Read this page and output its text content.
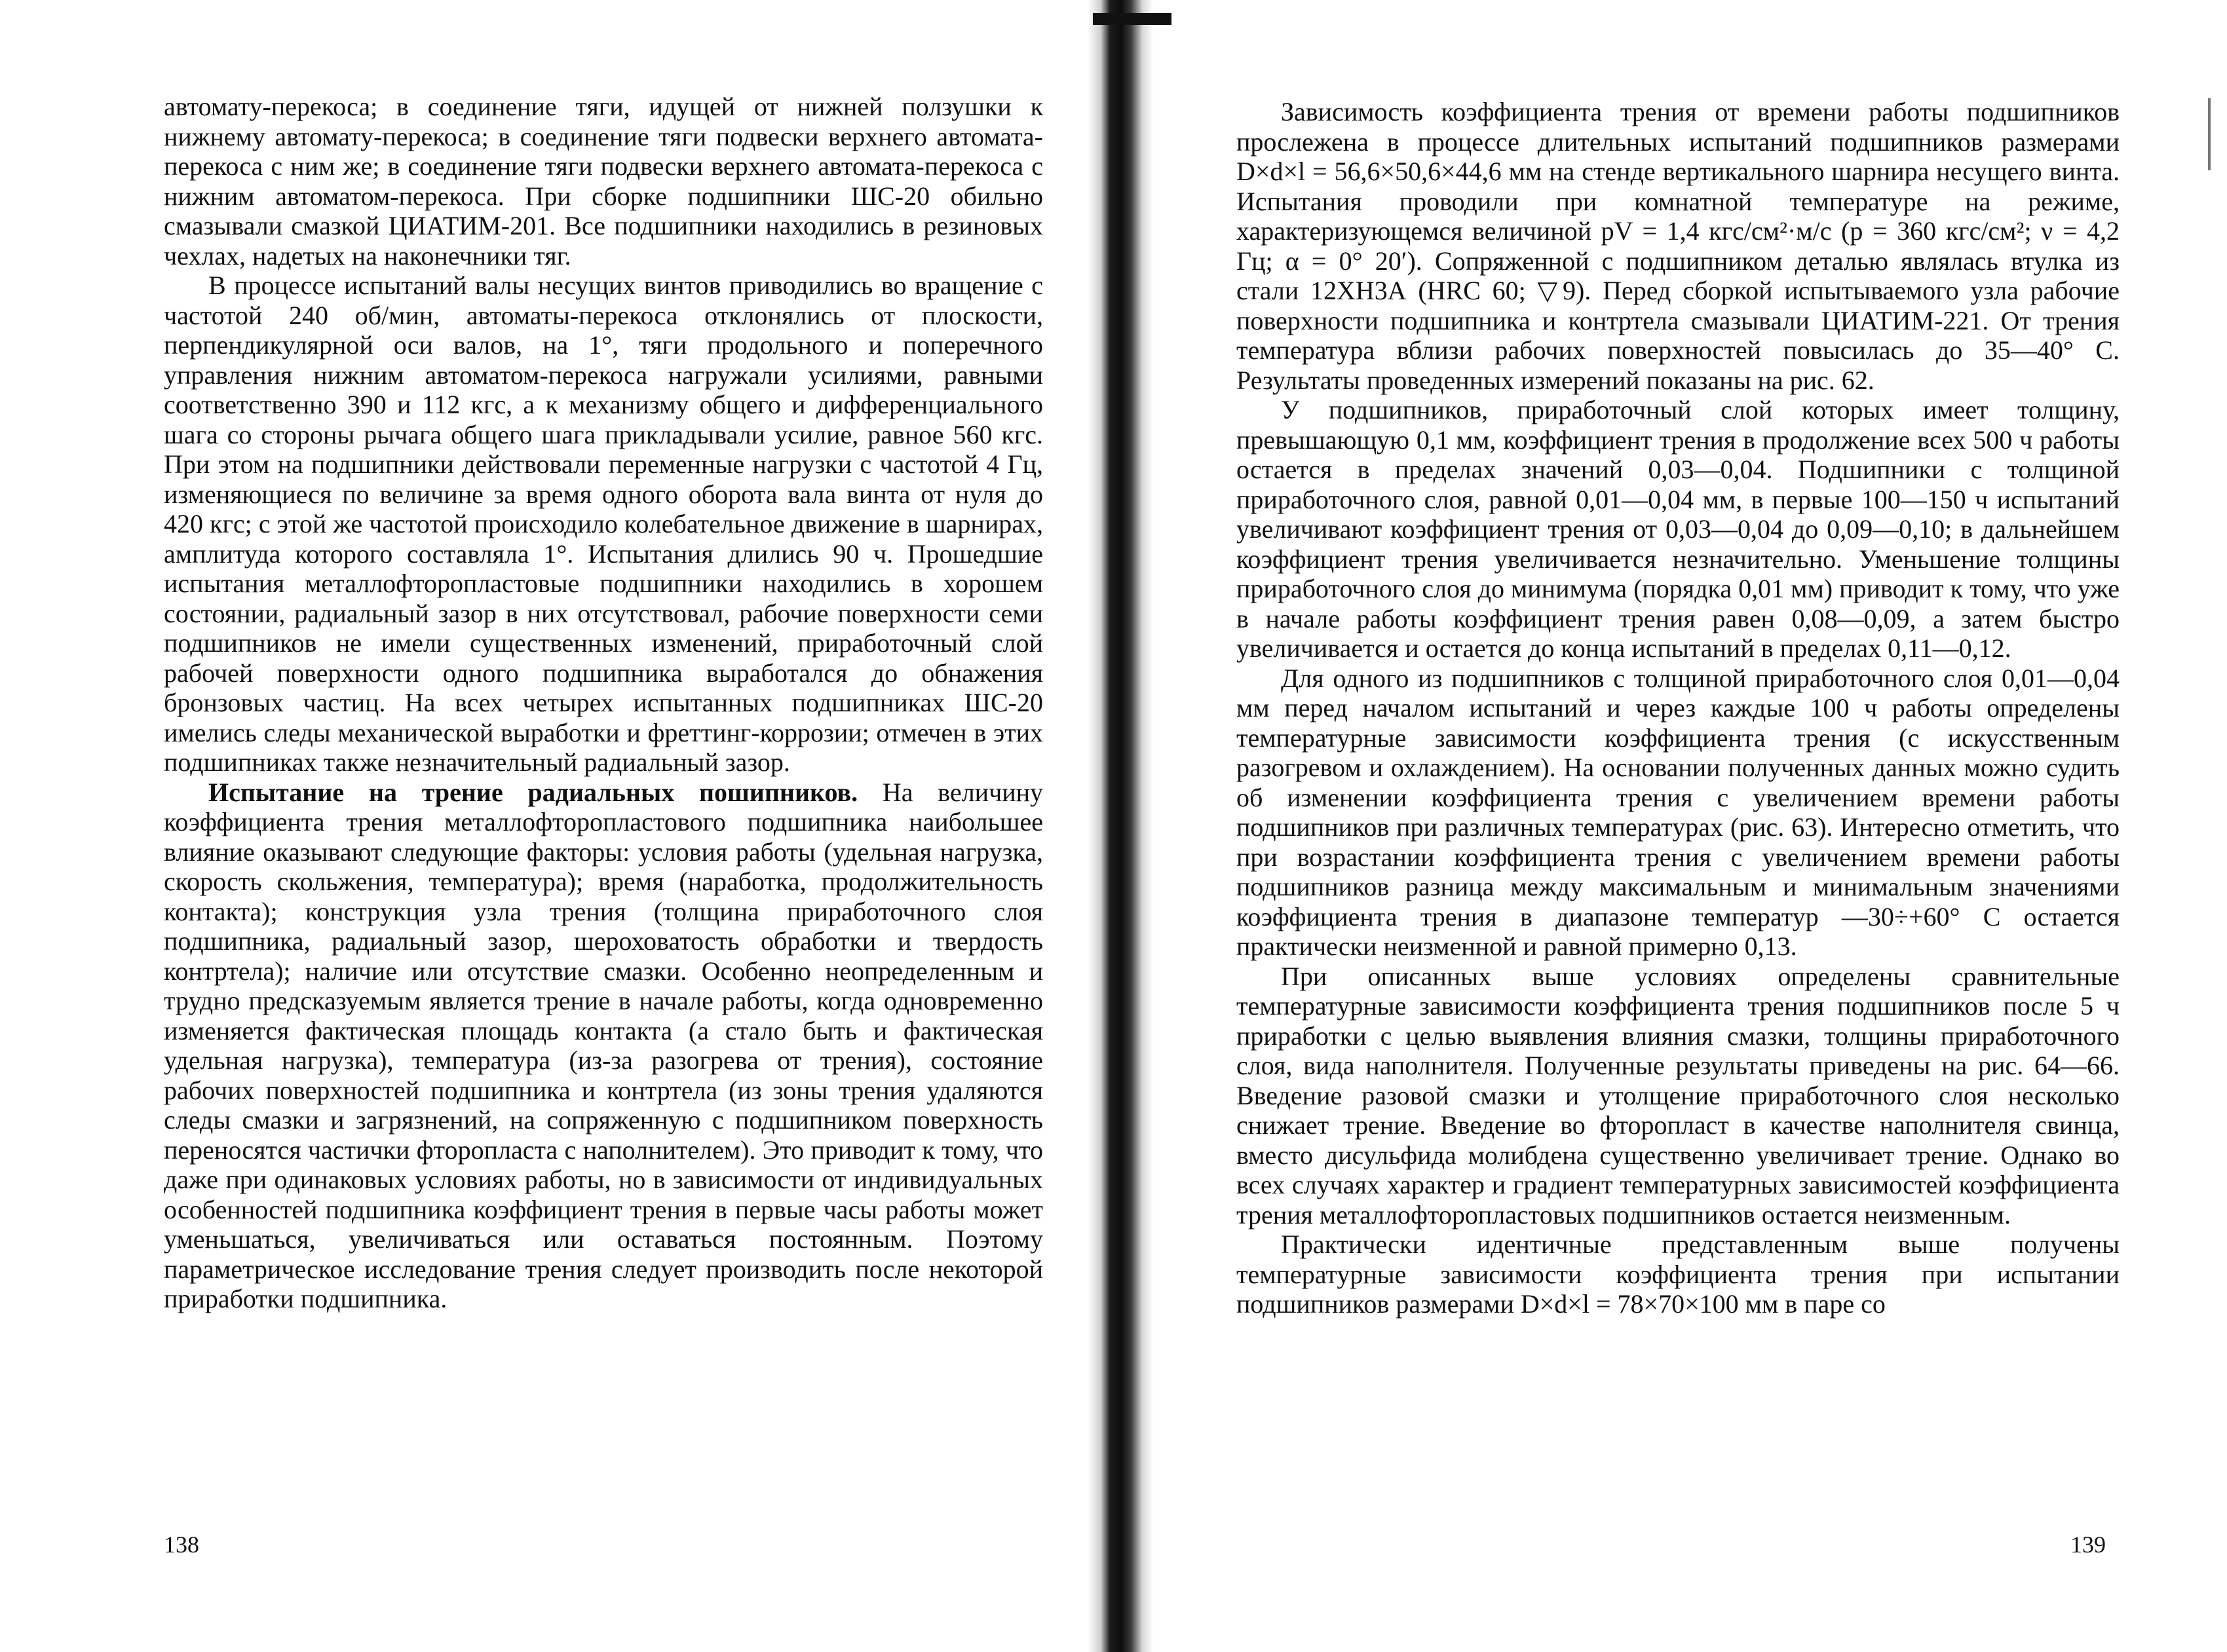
автомату-перекоса; в соединение тяги, идущей от нижней ползушки к нижнему автомату-перекоса; в соединение тяги подвески верхнего автомата-перекоса с ним же; в соединение тяги подвески верхнего автомата-перекоса с нижним автоматом-перекоса. При сборке подшипники ШС-20 обильно смазывали смазкой ЦИАТИМ-201. Все подшипники находились в резиновых чехлах, надетых на наконечники тяг.

В процессе испытаний валы несущих винтов приводились во вращение с частотой 240 об/мин, автоматы-перекоса отклонялись от плоскости, перпендикулярной оси валов, на 1°, тяги продольного и поперечного управления нижним автоматом-перекоса нагружали усилиями, равными соответственно 390 и 112 кгс, а к механизму общего и дифференциального шага со стороны рычага общего шага прикладывали усилие, равное 560 кгс. При этом на подшипники действовали переменные нагрузки с частотой 4 Гц, изменяющиеся по величине за время одного оборота вала винта от нуля до 420 кгс; с этой же частотой происходило колебательное движение в шарнирах, амплитуда которого составляла 1°. Испытания длились 90 ч. Прошедшие испытания металлофторопластовые подшипники находились в хорошем состоянии, радиальный зазор в них отсутствовал, рабочие поверхности семи подшипников не имели существенных изменений, приработочный слой рабочей поверхности одного подшипника выработался до обнажения бронзовых частиц. На всех четырех испытанных подшипниках ШС-20 имелись следы механической выработки и фреттинг-коррозии; отмечен в этих подшипниках также незначительный радиальный зазор.

Испытание на трение радиальных пошипников. На величину коэффициента трения металлофторопластового подшипника наибольшее влияние оказывают следующие факторы: условия работы (удельная нагрузка, скорость скольжения, температура); время (наработка, продолжительность контакта); конструкция узла трения (толщина приработочного слоя подшипника, радиальный зазор, шероховатость обработки и твердость контртела); наличие или отсутствие смазки. Особенно неопределенным и трудно предсказуемым является трение в начале работы, когда одновременно изменяется фактическая площадь контакта (а стало быть и фактическая удельная нагрузка), температура (из-за разогрева от трения), состояние рабочих поверхностей подшипника и контртела (из зоны трения удаляются следы смазки и загрязнений, на сопряженную с подшипником поверхность переносятся частички фторопласта с наполнителем). Это приводит к тому, что даже при одинаковых условиях работы, но в зависимости от индивидуальных особенностей подшипника коэффициент трения в первые часы работы может уменьшаться, увеличиваться или оставаться постоянным. Поэтому параметрическое исследование трения следует производить после некоторой приработки подшипника.

138

Зависимость коэффициента трения от времени работы подшипников прослежена в процессе длительных испытаний подшипников размерами D×d×l = 56,6×50,6×44,6 мм на стенде вертикального шарнира несущего винта. Испытания проводили при комнатной температуре на режиме, характеризующемся величиной pV = 1,4 кгс/см²·м/с (p = 360 кгс/см²; ν = 4,2 Гц; α = 0° 20′). Сопряженной с подшипником деталью являлась втулка из стали 12ХН3А (HRC 60; ▽9). Перед сборкой испытываемого узла рабочие поверхности подшипника и контртела смазывали ЦИАТИМ-221. От трения температура вблизи рабочих поверхностей повысилась до 35—40° С. Результаты проведенных измерений показаны на рис. 62.

У подшипников, приработочный слой которых имеет толщину, превышающую 0,1 мм, коэффициент трения в продолжение всех 500 ч работы остается в пределах значений 0,03—0,04. Подшипники с толщиной приработочного слоя, равной 0,01—0,04 мм, в первые 100—150 ч испытаний увеличивают коэффициент трения от 0,03—0,04 до 0,09—0,10; в дальнейшем коэффициент трения увеличивается незначительно. Уменьшение толщины приработочного слоя до минимума (порядка 0,01 мм) приводит к тому, что уже в начале работы коэффициент трения равен 0,08—0,09, а затем быстро увеличивается и остается до конца испытаний в пределах 0,11—0,12.

Для одного из подшипников с толщиной приработочного слоя 0,01—0,04 мм перед началом испытаний и через каждые 100 ч работы определены температурные зависимости коэффициента трения (с искусственным разогревом и охлаждением). На основании полученных данных можно судить об изменении коэффициента трения с увеличением времени работы подшипников при различных температурах (рис. 63). Интересно отметить, что при возрастании коэффициента трения с увеличением времени работы подшипников разница между максимальным и минимальным значениями коэффициента трения в диапазоне температур —30÷+60° С остается практически неизменной и равной примерно 0,13.

При описанных выше условиях определены сравнительные температурные зависимости коэффициента трения подшипников после 5 ч приработки с целью выявления влияния смазки, толщины приработочного слоя, вида наполнителя. Полученные результаты приведены на рис. 64—66. Введение разовой смазки и утолщение приработочного слоя несколько снижает трение. Введение во фторопласт в качестве наполнителя свинца, вместо дисульфида молибдена существенно увеличивает трение. Однако во всех случаях характер и градиент температурных зависимостей коэффициента трения металлофторопластовых подшипников остается неизменным.

Практически идентичные представленным выше получены температурные зависимости коэффициента трения при испытании подшипников размерами D×d×l = 78×70×100 мм в паре со

139
